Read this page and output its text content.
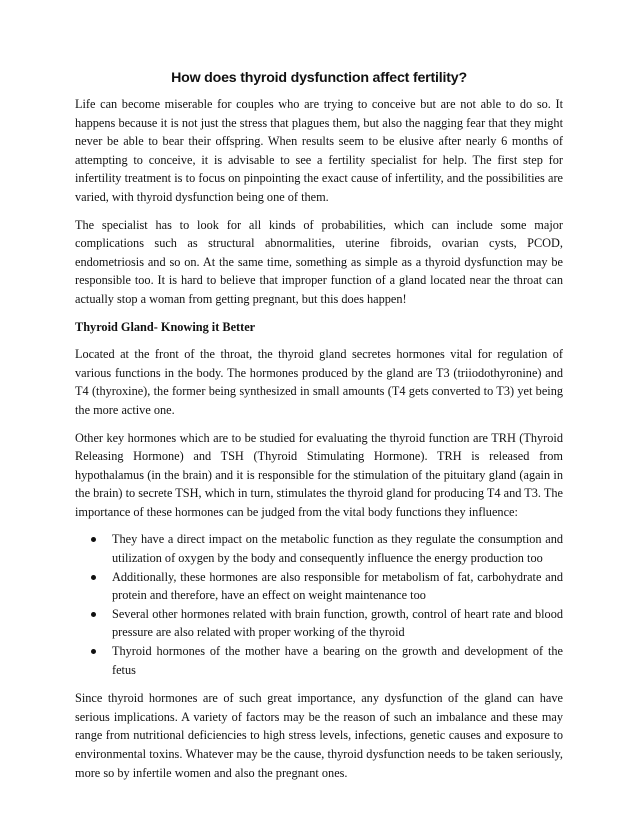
How does thyroid dysfunction affect fertility?

Life can become miserable for couples who are trying to conceive but are not able to do so. It happens because it is not just the stress that plagues them, but also the nagging fear that they might never be able to bear their offspring. When results seem to be elusive after nearly 6 months of attempting to conceive, it is advisable to see a fertility specialist for help. The first step for infertility treatment is to focus on pinpointing the exact cause of infertility, and the possibilities are varied, with thyroid dysfunction being one of them.

The specialist has to look for all kinds of probabilities, which can include some major complications such as structural abnormalities, uterine fibroids, ovarian cysts, PCOD, endometriosis and so on. At the same time, something as simple as a thyroid dysfunction may be responsible too. It is hard to believe that improper function of a gland located near the throat can actually stop a woman from getting pregnant, but this does happen!

Thyroid Gland- Knowing it Better

Located at the front of the throat, the thyroid gland secretes hormones vital for regulation of various functions in the body. The hormones produced by the gland are T3 (triiodothyronine) and T4 (thyroxine), the former being synthesized in small amounts (T4 gets converted to T3) yet being the more active one.

Other key hormones which are to be studied for evaluating the thyroid function are TRH (Thyroid Releasing Hormone) and TSH (Thyroid Stimulating Hormone). TRH is released from hypothalamus (in the brain) and it is responsible for the stimulation of the pituitary gland (again in the brain) to secrete TSH, which in turn, stimulates the thyroid gland for producing T4 and T3. The importance of these hormones can be judged from the vital body functions they influence:

They have a direct impact on the metabolic function as they regulate the consumption and utilization of oxygen by the body and consequently influence the energy production too
Additionally, these hormones are also responsible for metabolism of fat, carbohydrate and protein and therefore, have an effect on weight maintenance too
Several other hormones related with brain function, growth, control of heart rate and blood pressure are also related with proper working of the thyroid
Thyroid hormones of the mother have a bearing on the growth and development of the fetus

Since thyroid hormones are of such great importance, any dysfunction of the gland can have serious implications. A variety of factors may be the reason of such an imbalance and these may range from nutritional deficiencies to high stress levels, infections, genetic causes and exposure to environmental toxins. Whatever may be the cause, thyroid dysfunction needs to be taken seriously, more so by infertile women and also the pregnant ones.
